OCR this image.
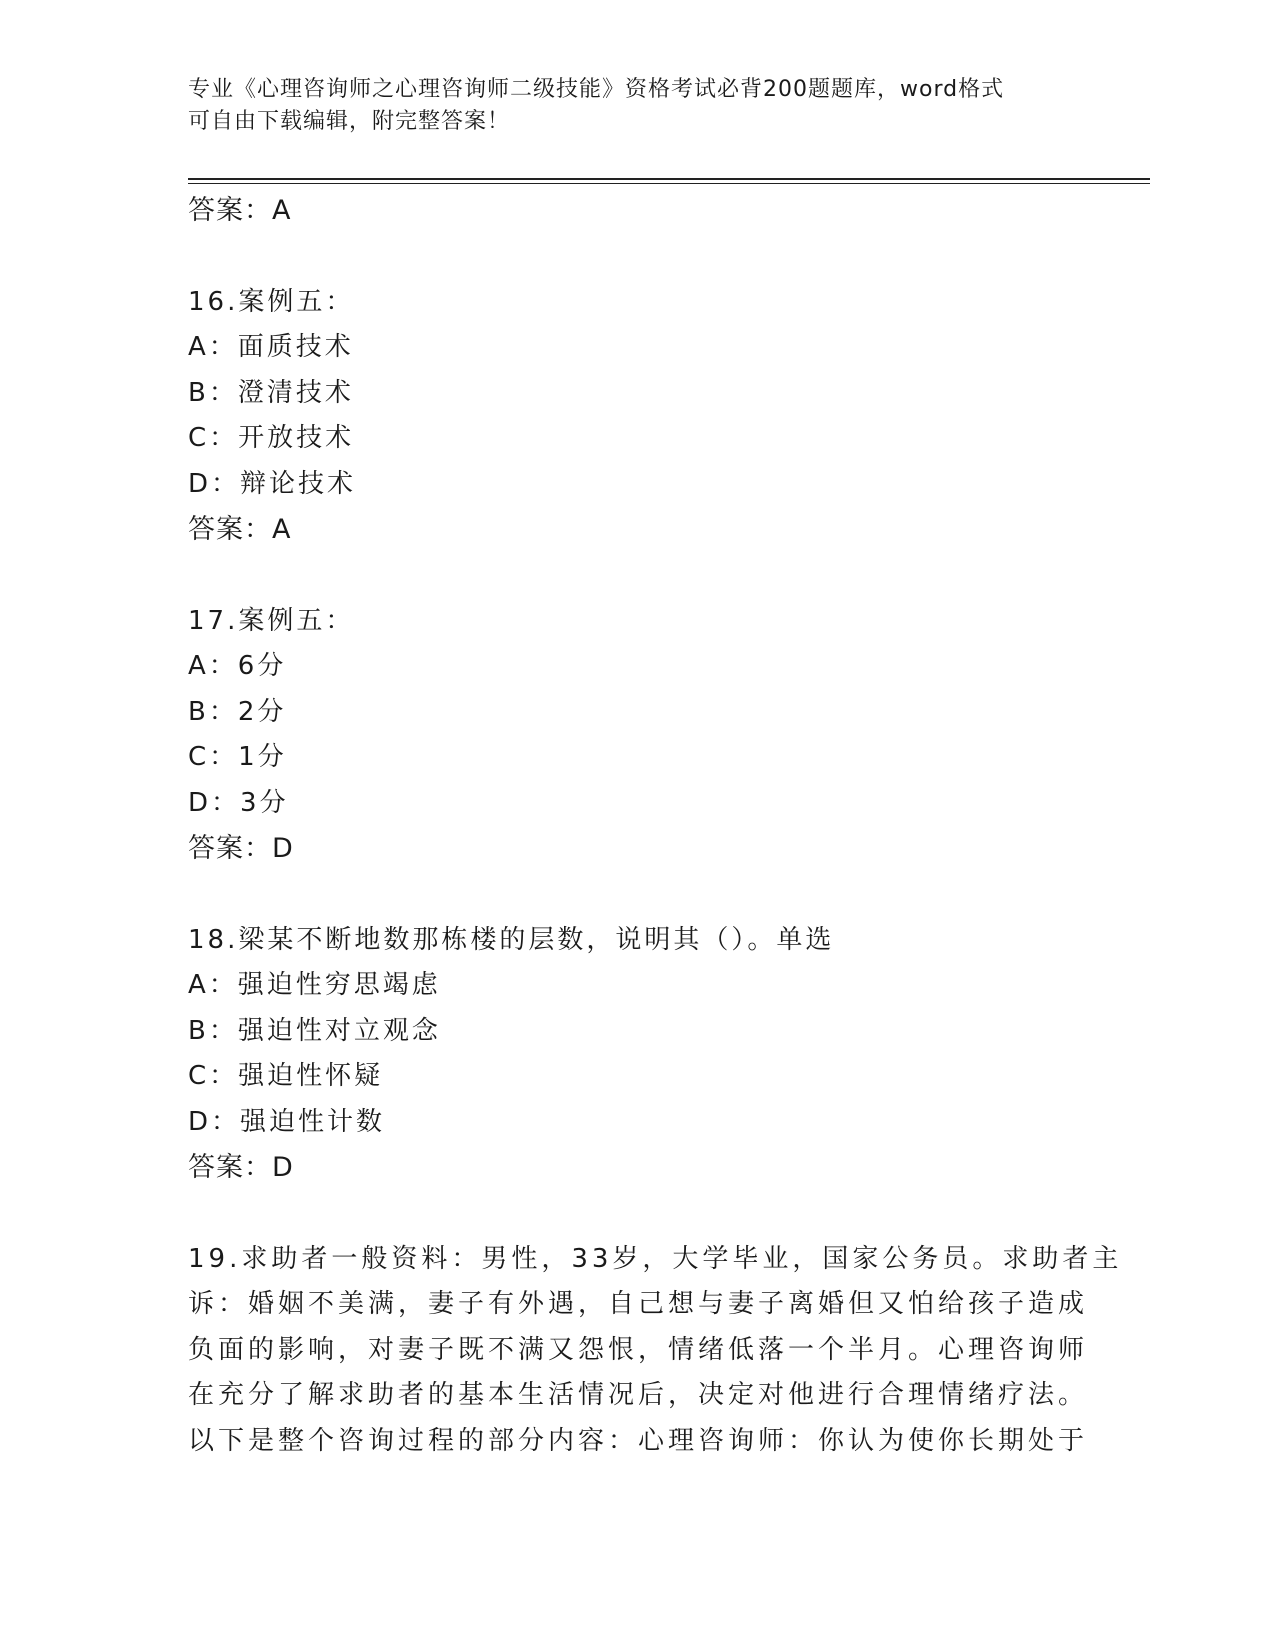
专业《心理咨询师之心理咨询师二级技能》资格考试必背200题题库，word格式
可自由下载编辑，附完整答案！
答案：A
16.案例五：
A：面质技术
B：澄清技术
C：开放技术
D：辩论技术
答案：A
17.案例五：
A：6分
B：2分
C：1分
D：3分
答案：D
18.梁某不断地数那栋楼的层数，说明其（）。单选
A：强迫性穷思竭虑
B：强迫性对立观念
C：强迫性怀疑
D：强迫性计数
答案：D
19.求助者一般资料：男性，33岁，大学毕业，国家公务员。求助者主
诉：婚姻不美满，妻子有外遇，自己想与妻子离婚但又怕给孩子造成
负面的影响，对妻子既不满又怨恨，情绪低落一个半月。心理咨询师
在充分了解求助者的基本生活情况后，决定对他进行合理情绪疗法。
以下是整个咨询过程的部分内容：心理咨询师：你认为使你长期处于
